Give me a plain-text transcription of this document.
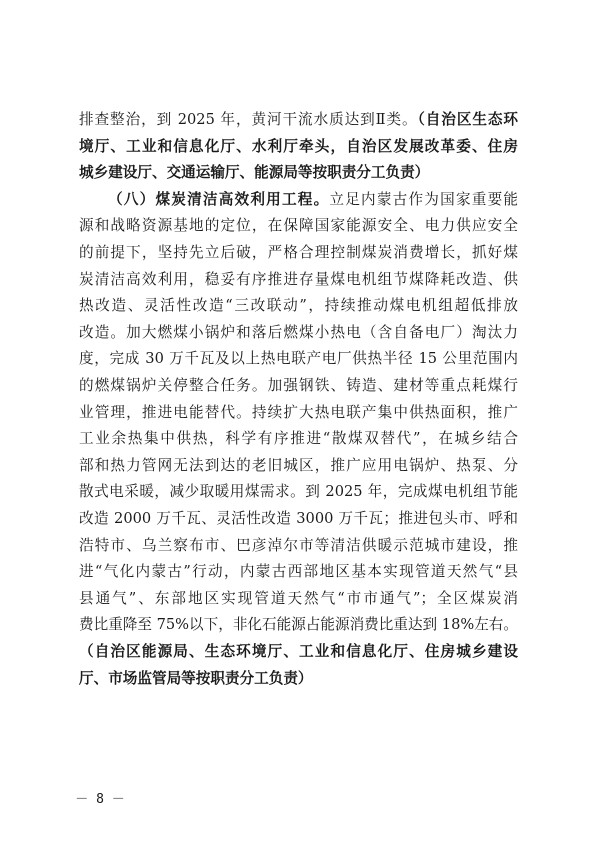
排查整治，到 2025 年，黄河干流水质达到Ⅱ类。（自治区生态环
境厅、工业和信息化厅、水利厅牵头，自治区发展改革委、住房
城乡建设厅、交通运输厅、能源局等按职责分工负责）
（八）煤炭清洁高效利用工程。立足内蒙古作为国家重要能
源和战略资源基地的定位，在保障国家能源安全、电力供应安全
的前提下，坚持先立后破，严格合理控制煤炭消费增长，抓好煤
炭清洁高效利用，稳妥有序推进存量煤电机组节煤降耗改造、供
热改造、灵活性改造“三改联动”，持续推动煤电机组超低排放
改造。加大燃煤小锅炉和落后燃煤小热电（含自备电厂）淘汰力
度，完成 30 万千瓦及以上热电联产电厂供热半径 15 公里范围内
的燃煤锅炉关停整合任务。加强钢铁、铸造、建材等重点耗煤行
业管理，推进电能替代。持续扩大热电联产集中供热面积，推广
工业余热集中供热，科学有序推进“散煤双替代”，在城乡结合
部和热力管网无法到达的老旧城区，推广应用电锅炉、热泵、分
散式电采暖，减少取暖用煤需求。到 2025 年，完成煤电机组节能
改造 2000 万千瓦、灵活性改造 3000 万千瓦；推进包头市、呼和
浩特市、乌兰察布市、巴彦淖尔市等清洁供暖示范城市建设，推
进“气化内蒙古”行动，内蒙古西部地区基本实现管道天然气“县
县通气”、东部地区实现管道天然气“市市通气”；全区煤炭消
费比重降至 75%以下，非化石能源占能源消费比重达到 18%左右。
（自治区能源局、生态环境厅、工业和信息化厅、住房城乡建设
厅、市场监管局等按职责分工负责）
－ 8 －
